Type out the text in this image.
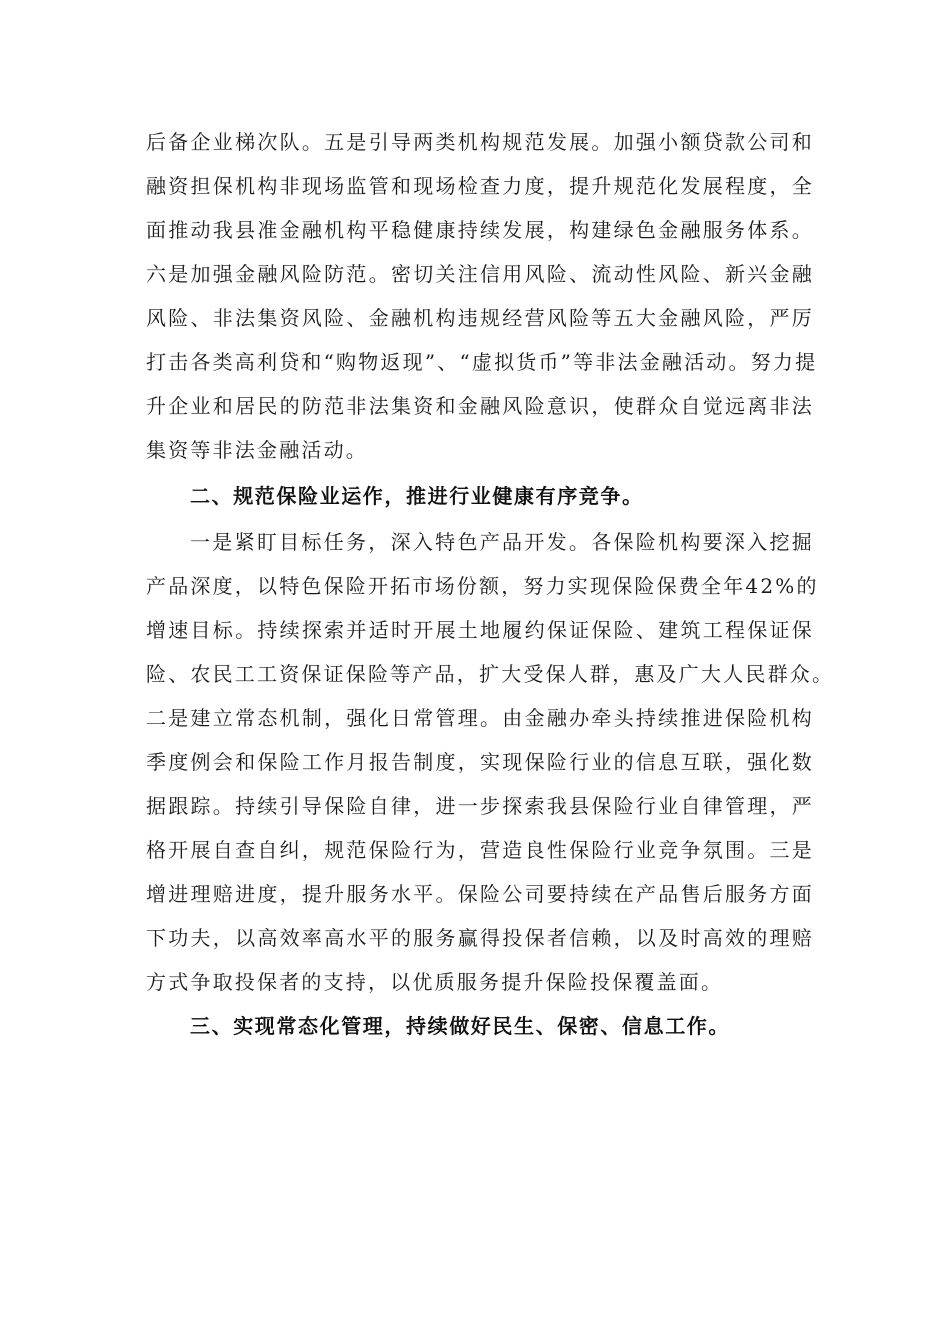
后备企业梯次队。五是引导两类机构规范发展。加强小额贷款公司和
融资担保机构非现场监管和现场检查力度，提升规范化发展程度，全
面推动我县准金融机构平稳健康持续发展，构建绿色金融服务体系。
六是加强金融风险防范。密切关注信用风险、流动性风险、新兴金融
风险、非法集资风险、金融机构违规经营风险等五大金融风险，严厉
打击各类高利贷和“购物返现”、“虚拟货币”等非法金融活动。努力提
升企业和居民的防范非法集资和金融风险意识，使群众自觉远离非法
集资等非法金融活动。
二、规范保险业运作，推进行业健康有序竞争。
一是紧盯目标任务，深入特色产品开发。各保险机构要深入挖掘
产品深度，以特色保险开拓市场份额，努力实现保险保费全年42%的
增速目标。持续探索并适时开展土地履约保证保险、建筑工程保证保
险、农民工工资保证保险等产品，扩大受保人群，惠及广大人民群众。
二是建立常态机制，强化日常管理。由金融办牵头持续推进保险机构
季度例会和保险工作月报告制度，实现保险行业的信息互联，强化数
据跟踪。持续引导保险自律，进一步探索我县保险行业自律管理，严
格开展自查自纠，规范保险行为，营造良性保险行业竞争氛围。三是
增进理赔进度，提升服务水平。保险公司要持续在产品售后服务方面
下功夫，以高效率高水平的服务赢得投保者信赖，以及时高效的理赔
方式争取投保者的支持，以优质服务提升保险投保覆盖面。
三、实现常态化管理，持续做好民生、保密、信息工作。
